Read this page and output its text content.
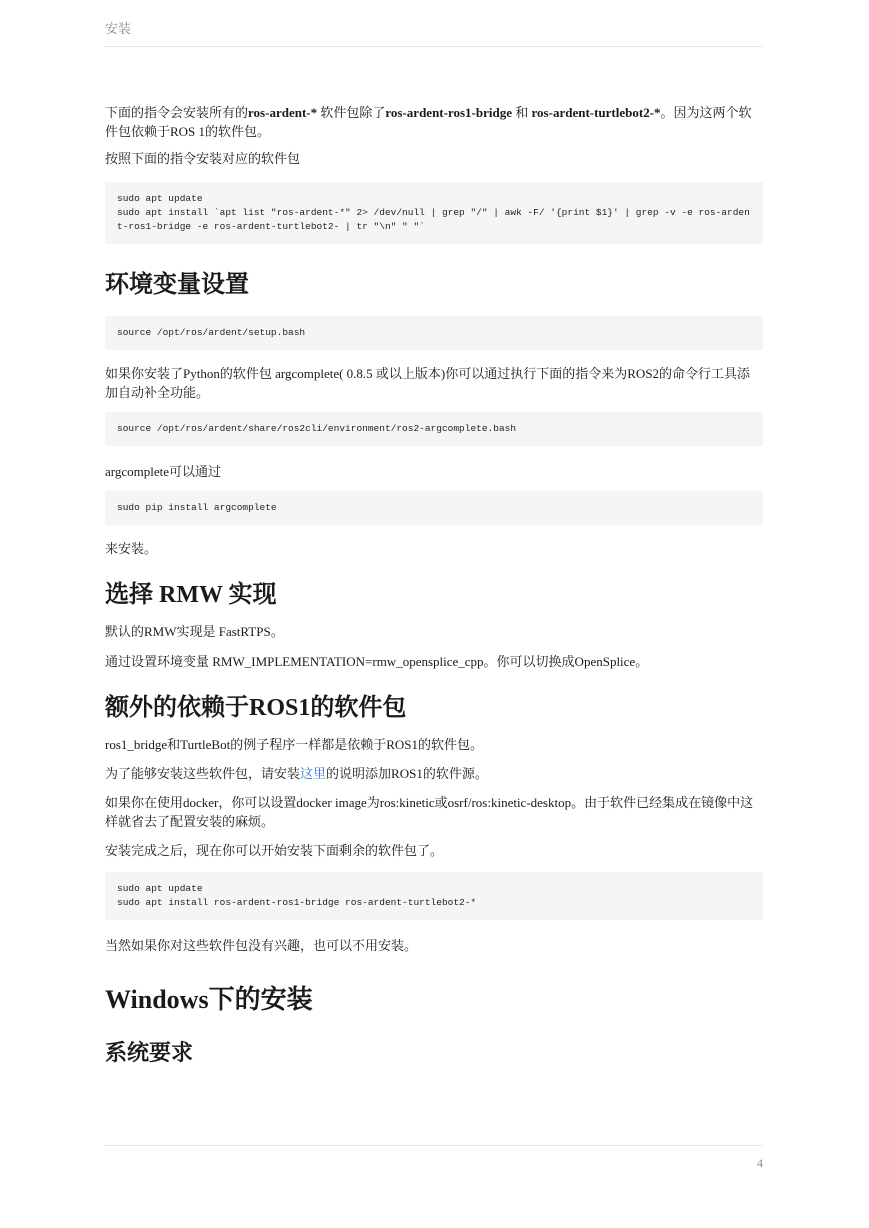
安装

下面的指令会安装所有的ros-ardent-* 软件包除了ros-ardent-ros1-bridge 和 ros-ardent-turtlebot2-*。因为这两个软件包依赖于ROS 1的软件包。

按照下面的指令安装对应的软件包

sudo apt update
sudo apt install `apt list "ros-ardent-*" 2> /dev/null | grep "/" | awk -F/ '{print $1}' | grep -v -e ros-ardent-ros1-bridge -e ros-ardent-turtlebot2- | tr "\n" " "`
环境变量设置
source /opt/ros/ardent/setup.bash

如果你安装了Python的软件包 argcomplete( 0.8.5 或以上版本)你可以通过执行下面的指令来为ROS2的命令行工具添加自动补全功能。

source /opt/ros/ardent/share/ros2cli/environment/ros2-argcomplete.bash

argcomplete可以通过

sudo pip install argcomplete

来安装。

选择 RMW 实现

默认的RMW实现是 FastRTPS。

通过设置环境变量 RMW_IMPLEMENTATION=rmw_opensplice_cpp。你可以切换成OpenSplice。

额外的依赖于ROS1的软件包

ros1_bridge和TurtleBot的例子程序一样都是依赖于ROS1的软件包。

为了能够安装这些软件包，请安装这里的说明添加ROS1的软件源。

如果你在使用docker，你可以设置docker image为ros:kinetic或osrf/ros:kinetic-desktop。由于软件已经集成在镜像中这样就省去了配置安装的麻烦。

安装完成之后，现在你可以开始安装下面剩余的软件包了。

sudo apt update
sudo apt install ros-ardent-ros1-bridge ros-ardent-turtlebot2-*

当然如果你对这些软件包没有兴趣，也可以不用安装。

Windows下的安装
系统要求
4
